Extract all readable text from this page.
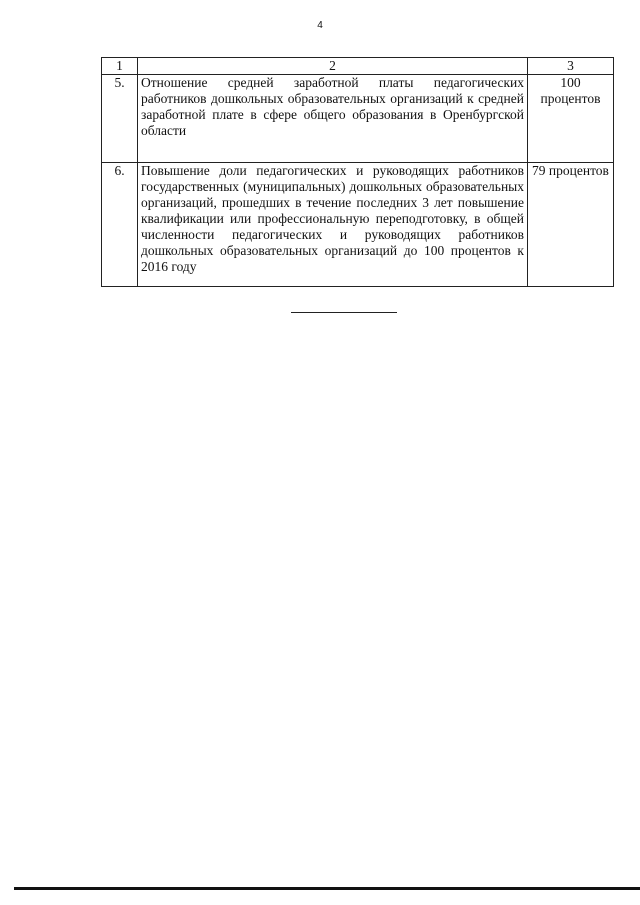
4
1	2	3
5.	Отношение средней заработной платы педагогических работников дошкольных образовательных организаций к средней заработной плате в сфере общего образования в Оренбургской области	100 процентов
6.	Повышение доли педагогических и руководящих работников государственных (муниципальных) дошкольных образовательных организаций, прошедших в течение последних 3 лет повышение квалификации или профессиональную переподготовку, в общей численности педагогических и руководящих работников дошкольных образовательных организаций до 100 процентов к 2016 году	79 процентов
